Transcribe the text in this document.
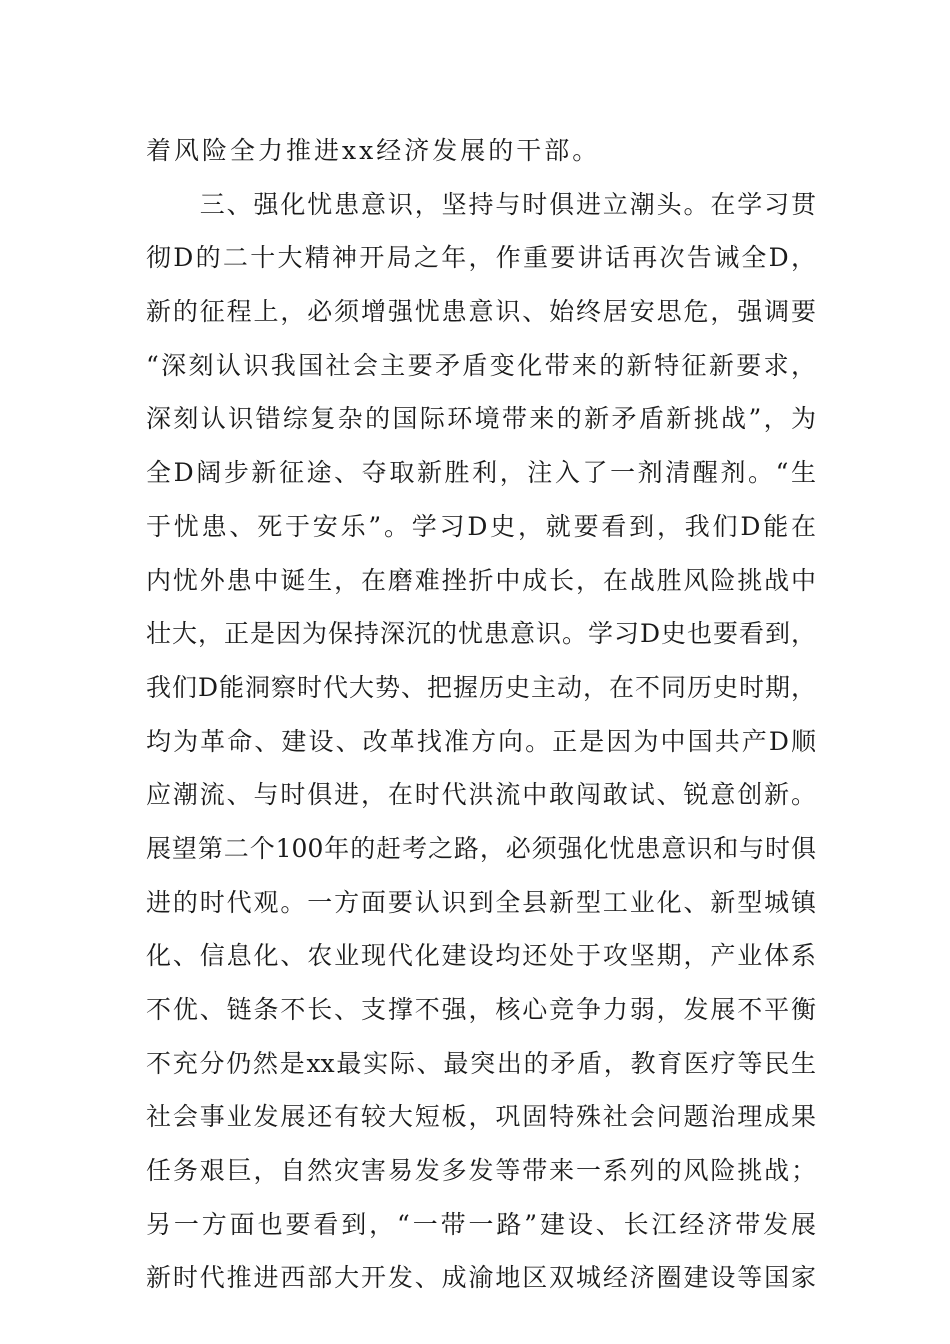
着风险全力推进xx经济发展的干部。
　　三、强化忧患意识，坚持与时俱进立潮头。在学习贯
彻D的二十大精神开局之年，作重要讲话再次告诫全D，
新的征程上，必须增强忧患意识、始终居安思危，强调要
“深刻认识我国社会主要矛盾变化带来的新特征新要求，
深刻认识错综复杂的国际环境带来的新矛盾新挑战”，为
全D阔步新征途、夺取新胜利，注入了一剂清醒剂。“生
于忧患、死于安乐”。学习D史，就要看到，我们D能在
内忧外患中诞生，在磨难挫折中成长，在战胜风险挑战中
壮大，正是因为保持深沉的忧患意识。学习D史也要看到，
我们D能洞察时代大势、把握历史主动，在不同历史时期，
均为革命、建设、改革找准方向。正是因为中国共产D顺
应潮流、与时俱进，在时代洪流中敢闯敢试、锐意创新。
展望第二个100年的赶考之路，必须强化忧患意识和与时俱
进的时代观。一方面要认识到全县新型工业化、新型城镇
化、信息化、农业现代化建设均还处于攻坚期，产业体系
不优、链条不长、支撑不强，核心竞争力弱，发展不平衡
不充分仍然是xx最实际、最突出的矛盾，教育医疗等民生
社会事业发展还有较大短板，巩固特殊社会问题治理成果
任务艰巨，自然灾害易发多发等带来一系列的风险挑战；
另一方面也要看到，“一带一路”建设、长江经济带发展
新时代推进西部大开发、成渝地区双城经济圈建设等国家
